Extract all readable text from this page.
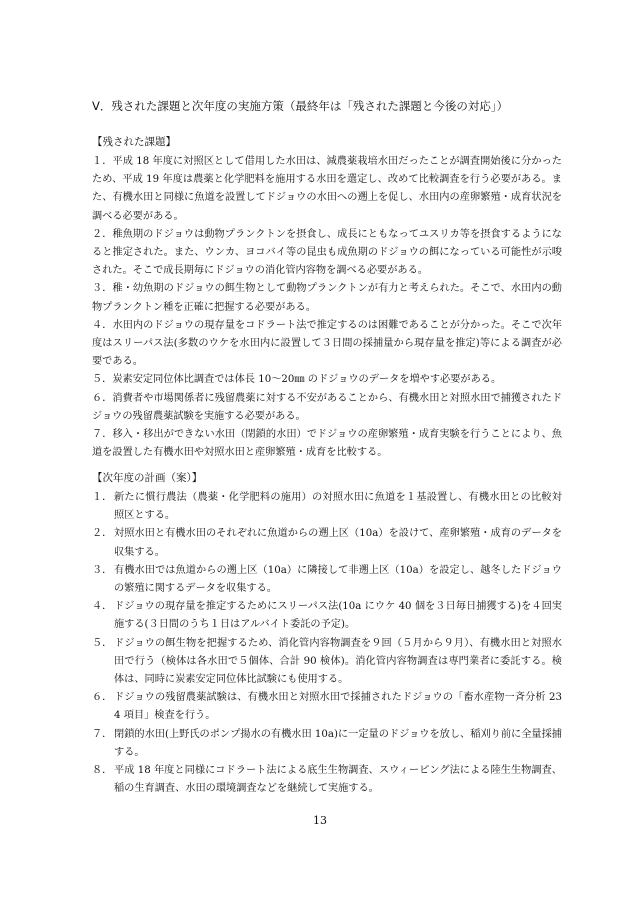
Ⅴ．残された課題と次年度の実施方策（最終年は「残された課題と今後の対応」）
【残された課題】
１．平成 18 年度に対照区として借用した水田は、減農薬栽培水田だったことが調査開始後に分かったため、平成 19 年度は農薬と化学肥料を施用する水田を選定し、改めて比較調査を行う必要がある。また、有機水田と同様に魚道を設置してドジョウの水田への遡上を促し、水田内の産卵繁殖・成育状況を調べる必要がある。
２．稚魚期のドジョウは動物プランクトンを摂食し、成長にともなってユスリカ等を摂食するようになると推定された。また、ウンカ、ヨコバイ等の昆虫も成魚期のドジョウの餌になっている可能性が示唆された。そこで成長期毎にドジョウの消化管内容物を調べる必要がある。
３．稚・幼魚期のドジョウの餌生物として動物プランクトンが有力と考えられた。そこで、水田内の動物プランクトン種を正確に把握する必要がある。
４．水田内のドジョウの現存量をコドラート法で推定するのは困難であることが分かった。そこで次年度はスリーパス法(多数のウケを水田内に設置して３日間の採捕量から現存量を推定)等による調査が必要である。
５．炭素安定同位体比調査では体長 10～20㎜ のドジョウのデータを増やす必要がある。
６．消費者や市場関係者に残留農薬に対する不安があることから、有機水田と対照水田で捕獲されたドジョウの残留農薬試験を実施する必要がある。
７．移入・移出ができない水田（閉鎖的水田）でドジョウの産卵繁殖・成育実験を行うことにより、魚道を設置した有機水田や対照水田と産卵繁殖・成育を比較する。
【次年度の計画（案）】
１． 新たに慣行農法（農薬・化学肥料の施用）の対照水田に魚道を１基設置し、有機水田との比較対照区とする。
２． 対照水田と有機水田のそれぞれに魚道からの遡上区（10a）を設けて、産卵繁殖・成育のデータを収集する。
３． 有機水田では魚道からの遡上区（10a）に隣接して非遡上区（10a）を設定し、越冬したドジョウの繁殖に関するデータを収集する。
４． ドジョウの現存量を推定するためにスリーパス法(10a にウケ 40 個を３日毎日捕獲する)を４回実施する(３日間のうち１日はアルバイト委託の予定)。
５． ドジョウの餌生物を把握するため、消化管内容物調査を９回（５月から９月）、有機水田と対照水田で行う（検体は各水田で５個体、合計 90 検体)。消化管内容物調査は専門業者に委託する。検体は、同時に炭素安定同位体比試験にも使用する。
６． ドジョウの残留農薬試験は、有機水田と対照水田で採捕されたドジョウの「畜水産物一斉分析 234 項目」検査を行う。
７． 閉鎖的水田(上野氏のポンプ揚水の有機水田 10a)に一定量のドジョウを放し、稲刈り前に全量採捕する。
８． 平成 18 年度と同様にコドラート法による底生生物調査、スウィーピング法による陸生生物調査、稲の生育調査、水田の環境調査などを継続して実施する。
13
